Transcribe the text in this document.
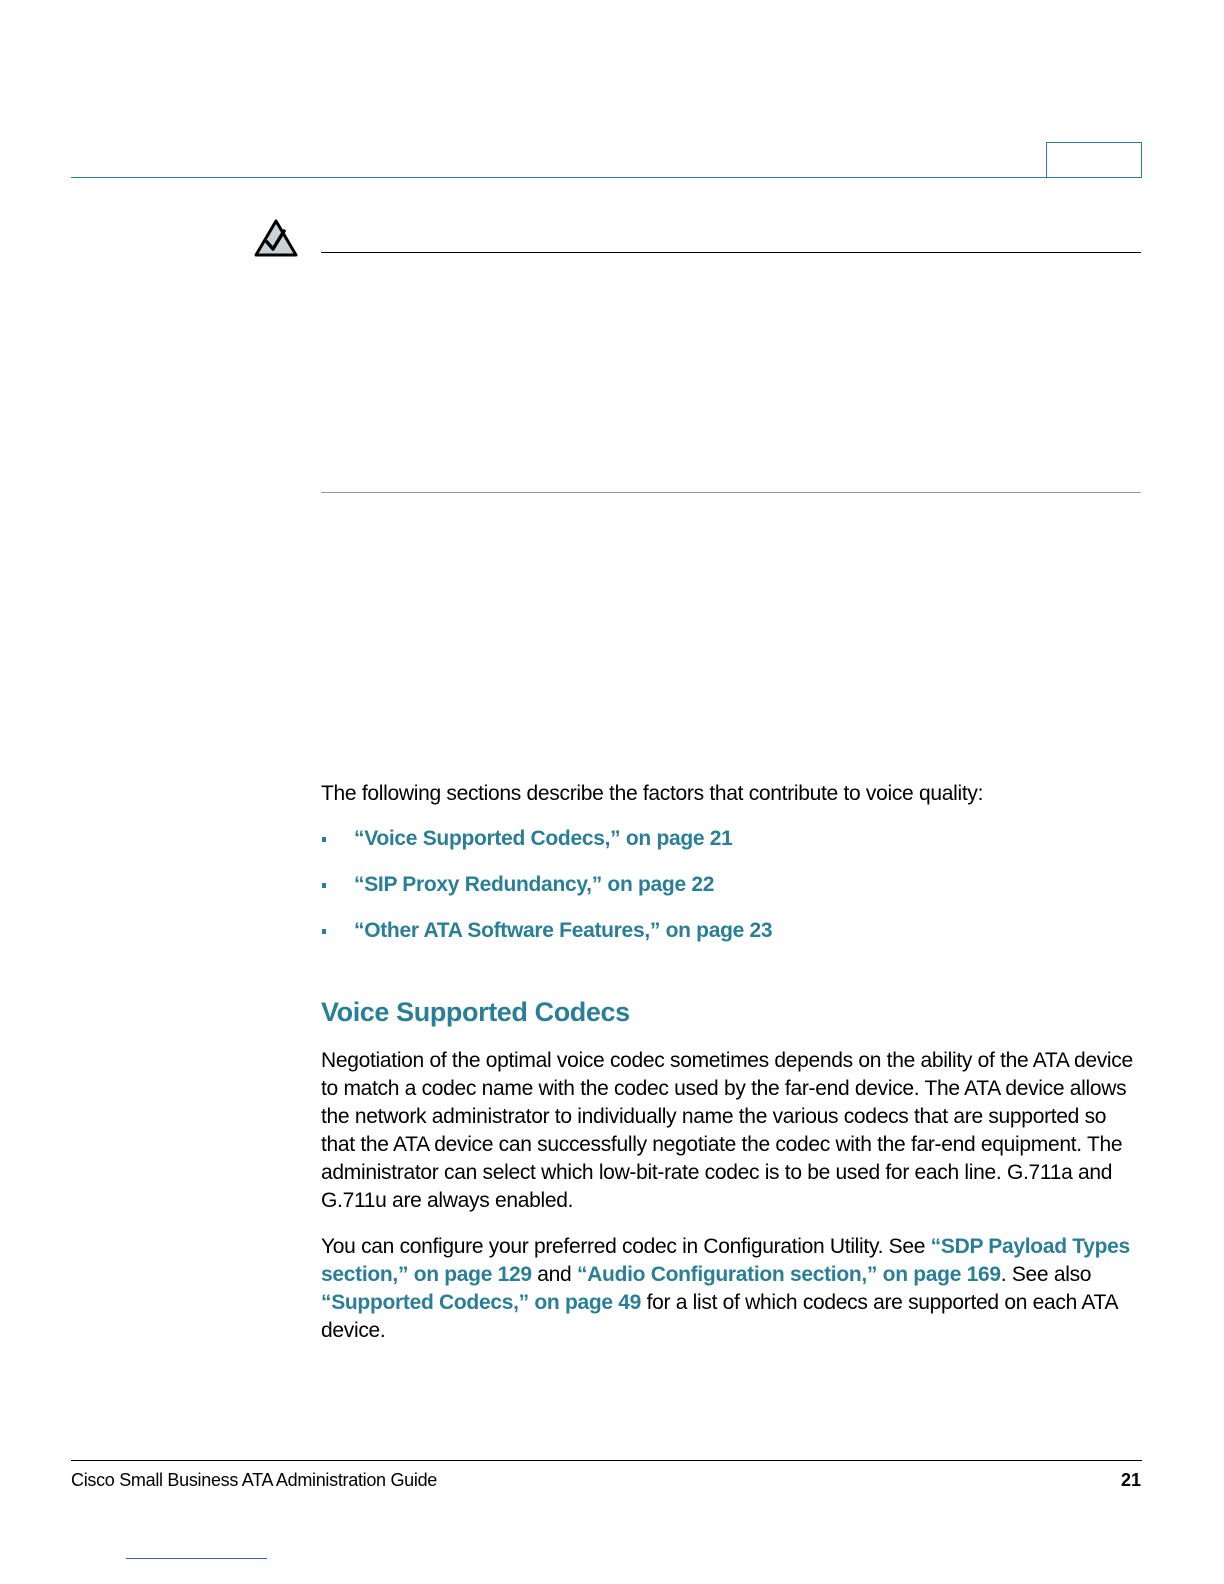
The following sections describe the factors that contribute to voice quality:

“Voice Supported Codecs,” on page 21
“SIP Proxy Redundancy,” on page 22
“Other ATA Software Features,” on page 23
Voice Supported Codecs

Negotiation of the optimal voice codec sometimes depends on the ability of the ATA device to match a codec name with the codec used by the far-end device. The ATA device allows the network administrator to individually name the various codecs that are supported so that the ATA device can successfully negotiate the codec with the far-end equipment. The administrator can select which low-bit-rate codec is to be used for each line. G.711a and G.711u are always enabled.

You can configure your preferred codec in Configuration Utility. See “SDP Payload Types section,” on page 129 and “Audio Configuration section,” on page 169. See also “Supported Codecs,” on page 49 for a list of which codecs are supported on each ATA device.

Cisco Small Business ATA Administration Guide	21
